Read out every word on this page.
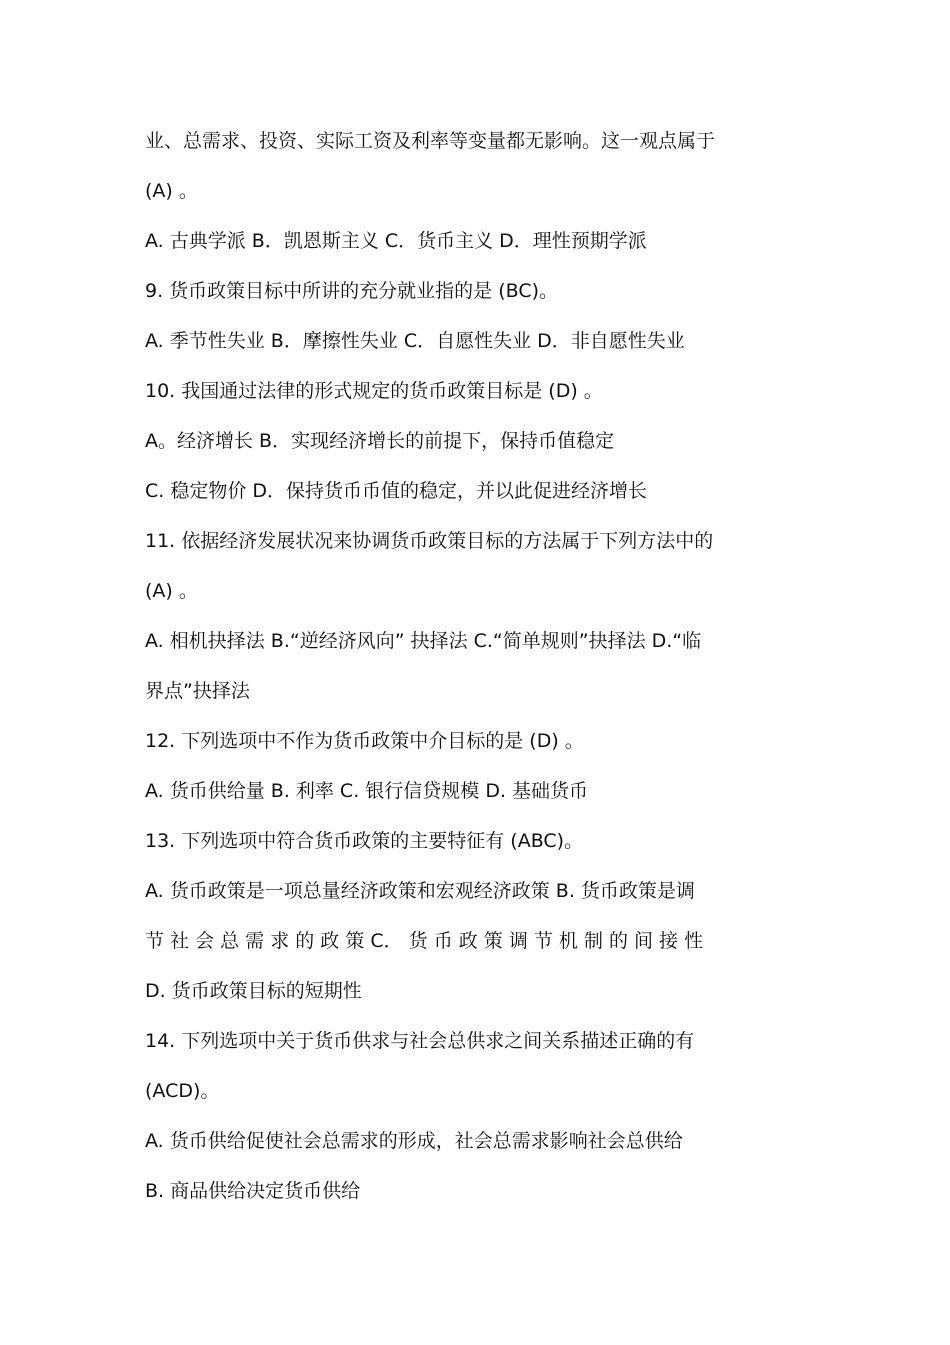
业、总需求、投资、实际工资及利率等变量都无影响。这一观点属于
(A) 。
A. 古典学派 B．凯恩斯主义 C．货币主义 D．理性预期学派
9. 货币政策目标中所讲的充分就业指的是 (BC)。
A. 季节性失业 B．摩擦性失业 C．自愿性失业 D．非自愿性失业
10. 我国通过法律的形式规定的货币政策目标是 (D) 。
A。经济增长 B．实现经济增长的前提下，保持币值稳定
C. 稳定物价 D．保持货币币值的稳定，并以此促进经济增长
11. 依据经济发展状况来协调货币政策目标的方法属于下列方法中的
(A) 。
A. 相机抉择法 B.“逆经济风向” 抉择法 C.“简单规则”抉择法 D.“临
界点”抉择法
12. 下列选项中不作为货币政策中介目标的是 (D) 。
A. 货币供给量 B. 利率 C. 银行信贷规模 D. 基础货币
13. 下列选项中符合货币政策的主要特征有 (ABC)。
A. 货币政策是一项总量经济政策和宏观经济政策 B. 货币政策是调
节 社 会 总 需 求 的 政 策 C． 货 币 政 策 调 节 机 制 的 间 接 性
D. 货币政策目标的短期性
14. 下列选项中关于货币供求与社会总供求之间关系描述正确的有
(ACD)。
A. 货币供给促使社会总需求的形成，社会总需求影响社会总供给
B. 商品供给决定货币供给
